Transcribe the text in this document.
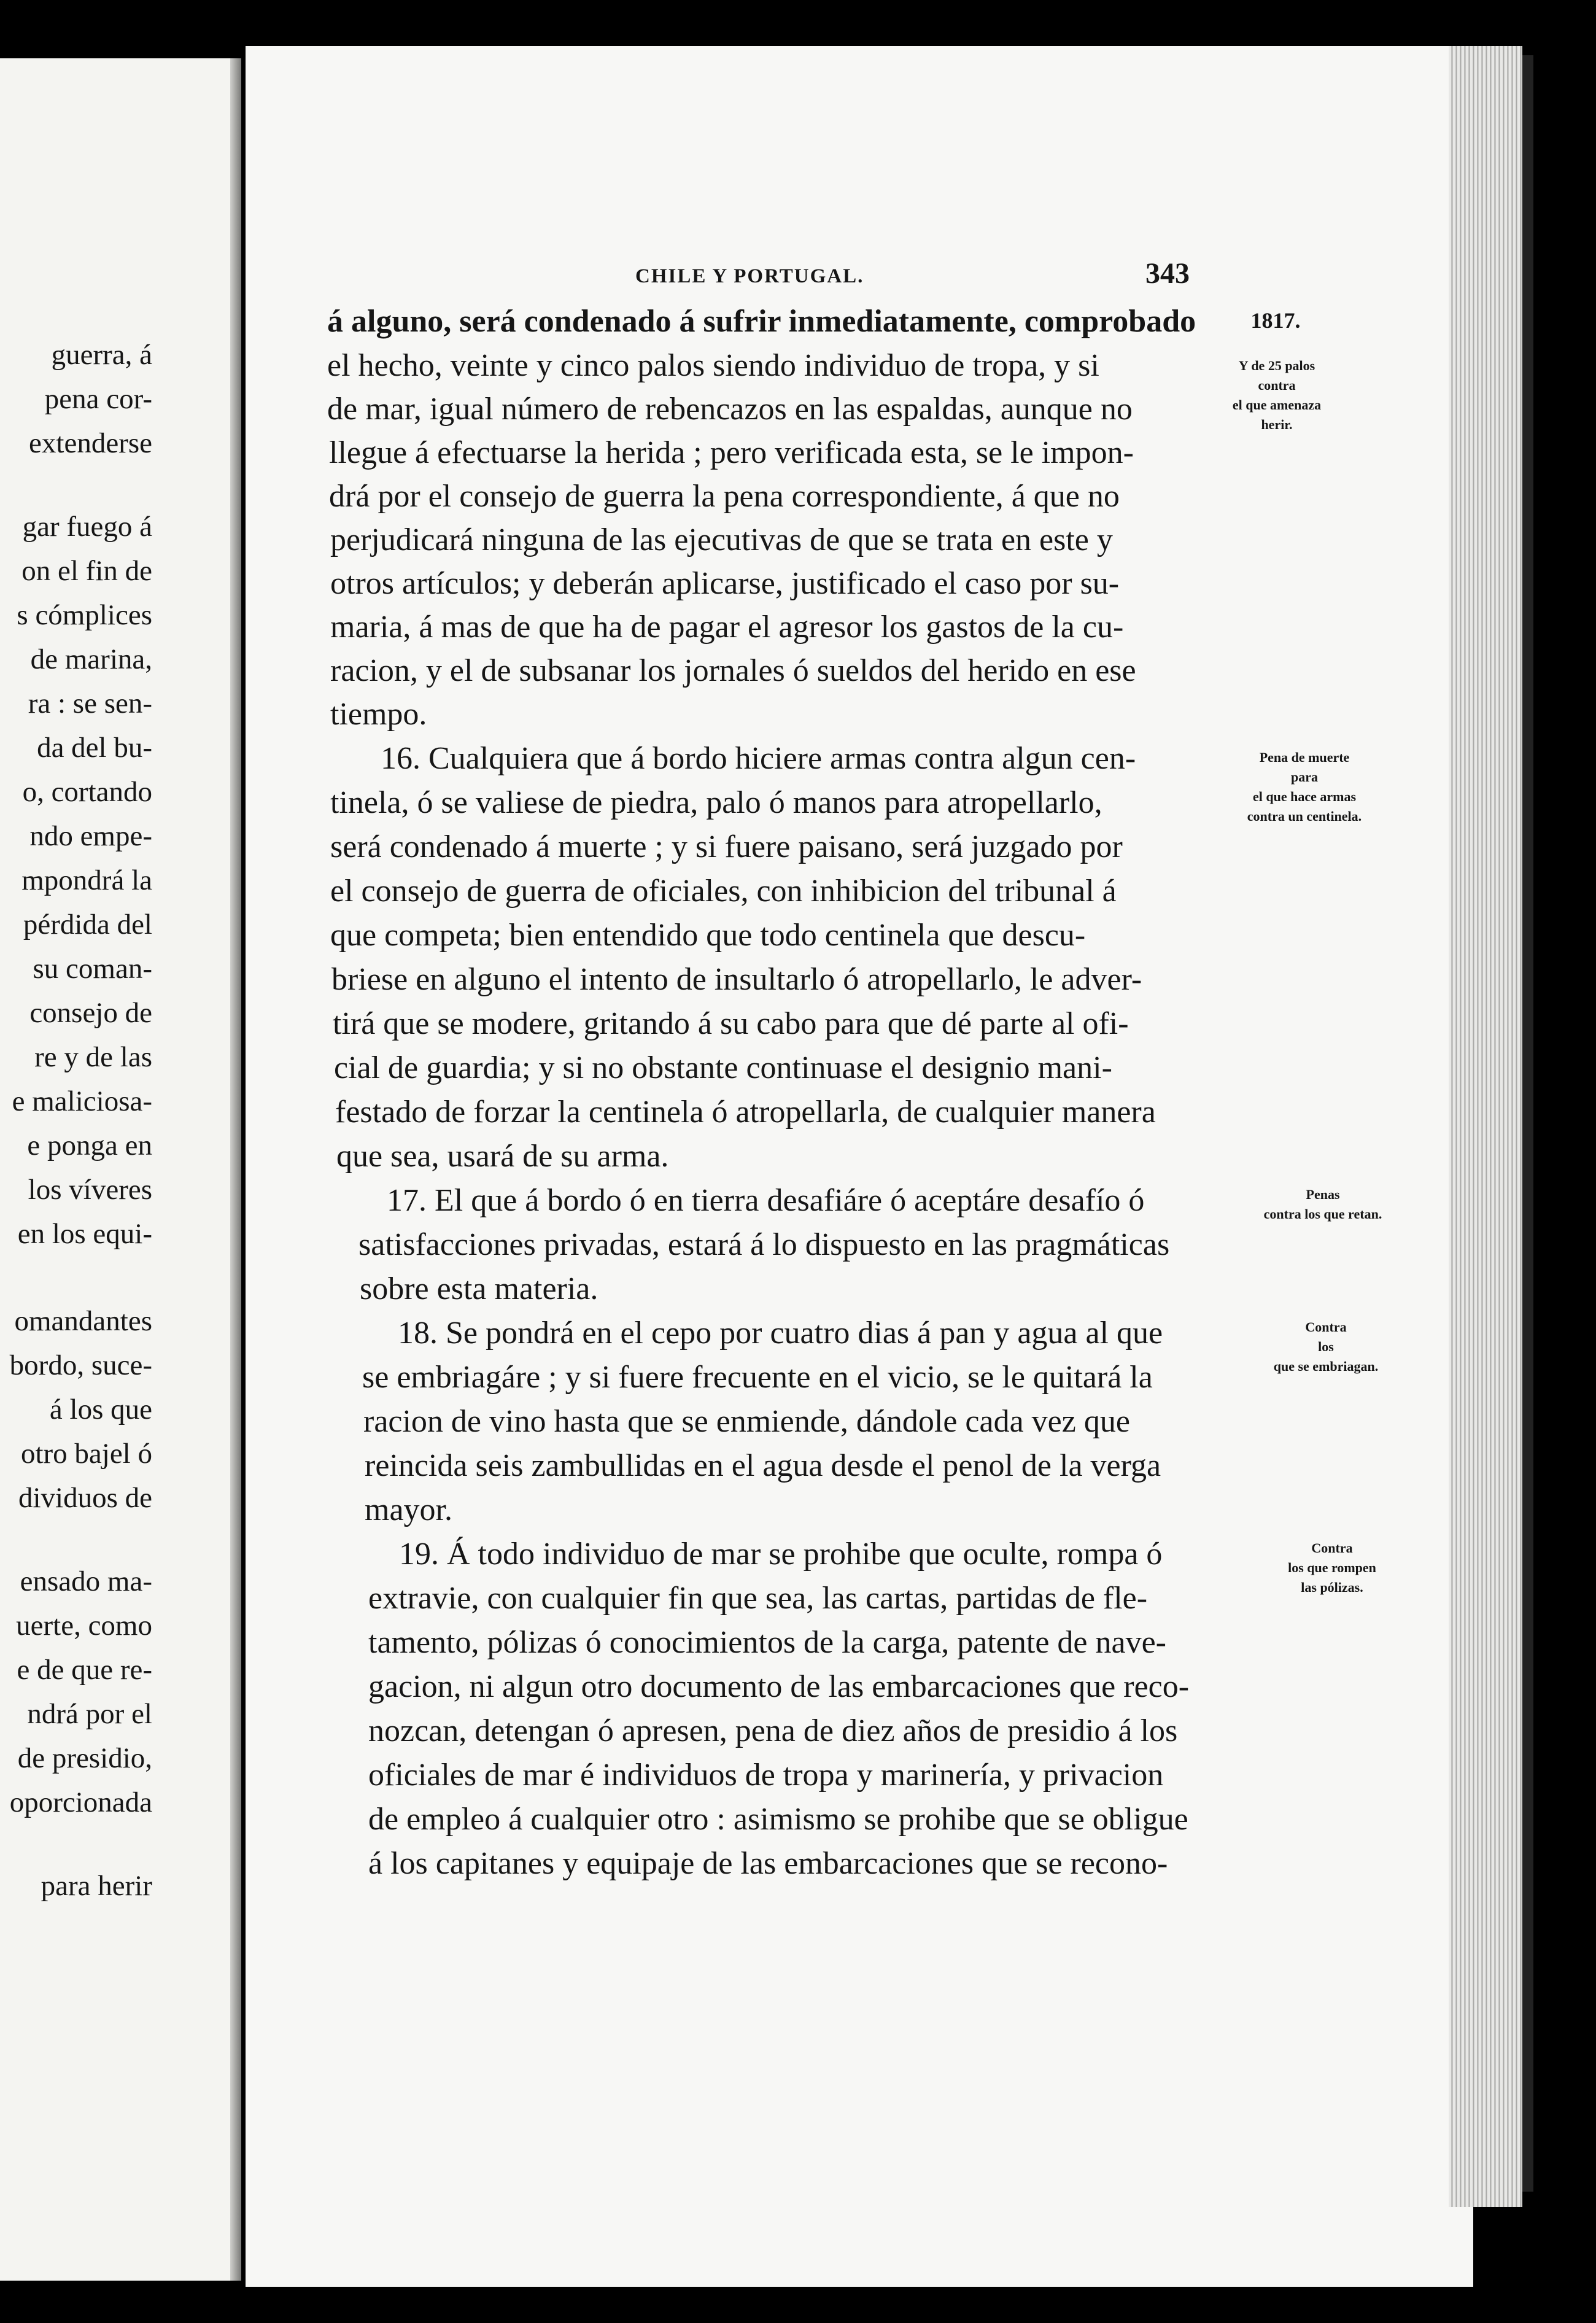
guerra, á
pena cor-
extenderse
gar fuego á
on el fin de
s cómplices
de marina,
ra : se sen-
da del bu-
o, cortando
ndo empe-
mpondrá la
pérdida del
su coman-
consejo de
re y de las
e maliciosa-
e ponga en
los víveres
en los equi-
omandantes
bordo, suce-
á los que
otro bajel ó
dividuos de
ensado ma-
uerte, como
e de que re-
ndrá por el
de presidio,
oporcionada
para herir
CHILE Y PORTUGAL.	343
á alguno, será condenado á sufrir inmediatamente, comprobado
el hecho, veinte y cinco palos siendo individuo de tropa, y si
de mar, igual número de rebencazos en las espaldas, aunque no
llegue á efectuarse la herida ; pero verificada esta, se le impon-
drá por el consejo de guerra la pena correspondiente, á que no
perjudicará ninguna de las ejecutivas de que se trata en este y
otros artículos; y deberán aplicarse, justificado el caso por su-
maria, á mas de que ha de pagar el agresor los gastos de la cu-
racion, y el de subsanar los jornales ó sueldos del herido en ese
tiempo.
16. Cualquiera que á bordo hiciere armas contra algun cen-
tinela, ó se valiese de piedra, palo ó manos para atropellarlo,
será condenado á muerte ; y si fuere paisano, será juzgado por
el consejo de guerra de oficiales, con inhibicion del tribunal á
que competa; bien entendido que todo centinela que descu-
briese en alguno el intento de insultarlo ó atropellarlo, le adver-
tirá que se modere, gritando á su cabo para que dé parte al ofi-
cial de guardia; y si no obstante continuase el designio mani-
festado de forzar la centinela ó atropellarla, de cualquier manera
que sea, usará de su arma.
17. El que á bordo ó en tierra desafiáre ó aceptáre desafío ó
satisfacciones privadas, estará á lo dispuesto en las pragmáticas
sobre esta materia.
18. Se pondrá en el cepo por cuatro dias á pan y agua al que
se embriagáre ; y si fuere frecuente en el vicio, se le quitará la
racion de vino hasta que se enmiende, dándole cada vez que
reincida seis zambullidas en el agua desde el penol de la verga
mayor.
19. Á todo individuo de mar se prohibe que oculte, rompa ó
extravie, con cualquier fin que sea, las cartas, partidas de fle-
tamento, pólizas ó conocimientos de la carga, patente de nave-
gacion, ni algun otro documento de las embarcaciones que reco-
nozcan, detengan ó apresen, pena de diez años de presidio á los
oficiales de mar é individuos de tropa y marinería, y privacion
de empleo á cualquier otro : asimismo se prohibe que se obligue
á los capitanes y equipaje de las embarcaciones que se recono-
1817.
Y de 25 palos
contra
el que amenaza
herir.
Pena de muerte
para
el que hace armas
contra un centinela.
Penas
contra los que retan.
Contra
los
que se embriagan.
Contra
los que rompen
las pólizas.
